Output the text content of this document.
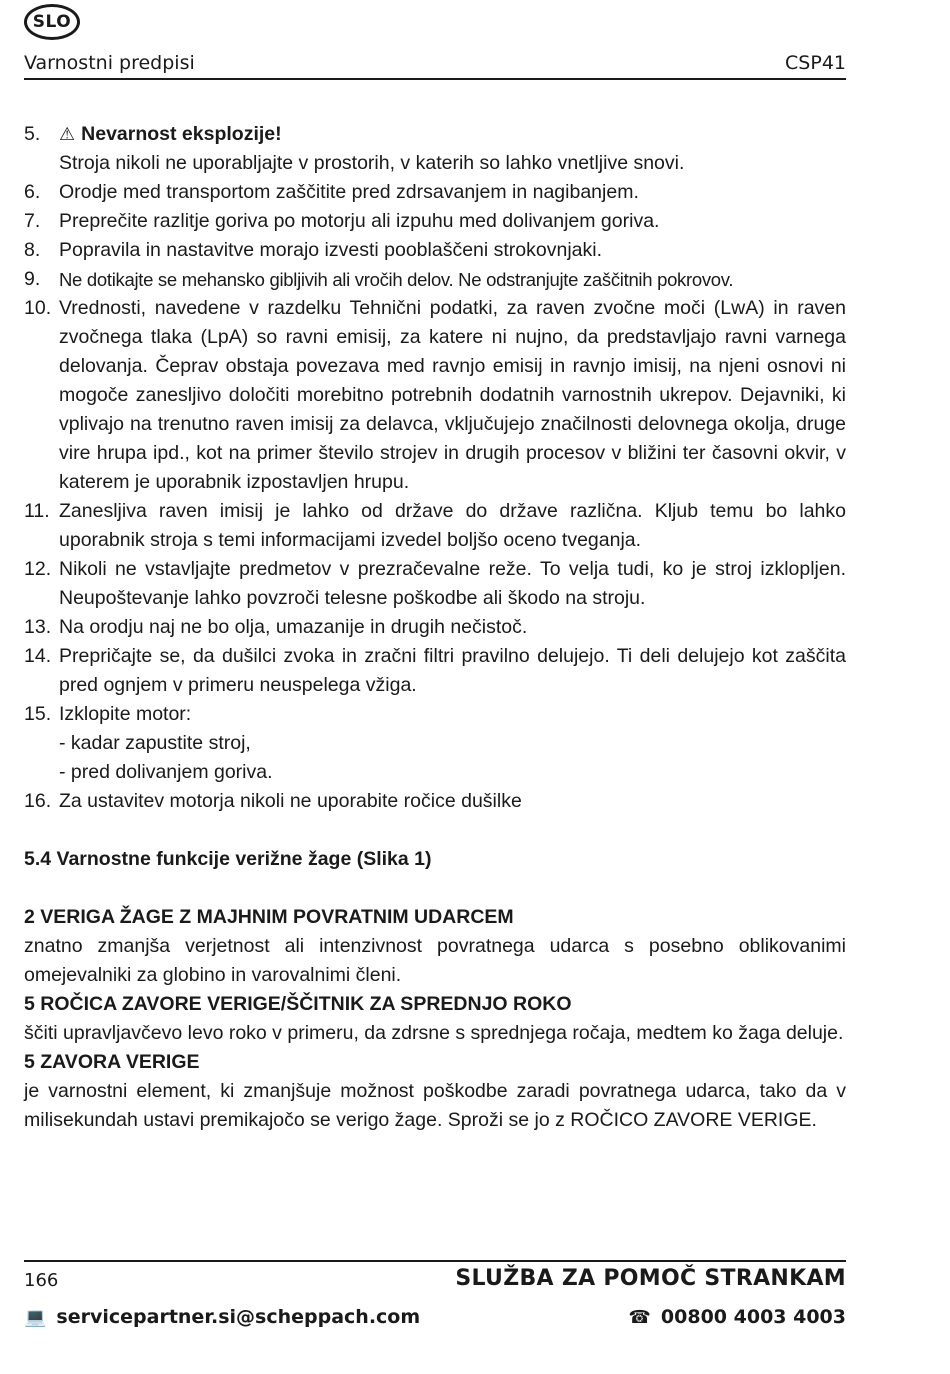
SLO
Varnostni predpisi	CSP41
5.	⚠ Nevarnost eksplozije!
Stroja nikoli ne uporabljajte v prostorih, v katerih so lahko vnetljive snovi.
6. Orodje med transportom zaščitite pred zdrsavanjem in nagibanjem.
7. Preprečite razlitje goriva po motorju ali izpuhu med dolivanjem goriva.
8. Popravila in nastavitve morajo izvesti pooblaščeni strokovnjaki.
9.	Ne dotikajte se mehansko gibljivih ali vročih delov. Ne odstranjujte zaščitnih pokrovov.
10. Vrednosti, navedene v razdelku Tehnični podatki, za raven zvočne moči (LwA) in raven zvočnega tlaka (LpA) so ravni emisij, za katere ni nujno, da predstavljajo ravni varnega delovanja. Čeprav obstaja povezava med ravnjo emisij in ravnjo imisij, na njeni osnovi ni mogoče zanesljivo določiti morebitno potrebnih dodatnih varnostnih ukrepov. Dejavniki, ki vplivajo na trenutno raven imisij za delavca, vključujejo značilnosti delovnega okolja, druge vire hrupa ipd., kot na primer število strojev in drugih procesov v bližini ter časovni okvir, v katerem je uporabnik izpostavljen hrupu.
11. Zanesljiva raven imisij je lahko od države do države različna. Kljub temu bo lahko uporabnik stroja s temi informacijami izvedel boljšo oceno tveganja.
12. Nikoli ne vstavljajte predmetov v prezračevalne reže. To velja tudi, ko je stroj izklopljen. Neupoštevanje lahko povzroči telesne poškodbe ali škodo na stroju.
13. Na orodju naj ne bo olja, umazanije in drugih nečistoč.
14. Prepričajte se, da dušilci zvoka in zračni filtri pravilno delujejo. Ti deli delujejo kot zaščita pred ognjem v primeru neuspelega vžiga.
15. Izklopite motor:
- kadar zapustite stroj,
- pred dolivanjem goriva.
16. Za ustavitev motorja nikoli ne uporabite ročice dušilke
5.4 Varnostne funkcije verižne žage (Slika 1)
2 VERIGA ŽAGE Z MAJHNIM POVRATNIM UDARCEM
znatno zmanjša verjetnost ali intenzivnost povratnega udarca s posebno oblikovanimi omejevalniki za globino in varovalnimi členi.
5 ROČICA ZAVORE VERIGE/ŠČITNIK ZA SPREDNJO ROKO
ščiti upravljavčevo levo roko v primeru, da zdrsne s sprednjega ročaja, medtem ko žaga deluje.
5 ZAVORA VERIGE
je varnostni element, ki zmanjšuje možnost poškodbe zaradi povratnega udarca, tako da v milisekundah ustavi premikajočo se verigo žage. Sproži se jo z ROČICO ZAVORE VERIGE.
166	SLUŽBA ZA POMOČ STRANKAM
💻 servicepartner.si@scheppach.com	☎ 00800 4003 4003
